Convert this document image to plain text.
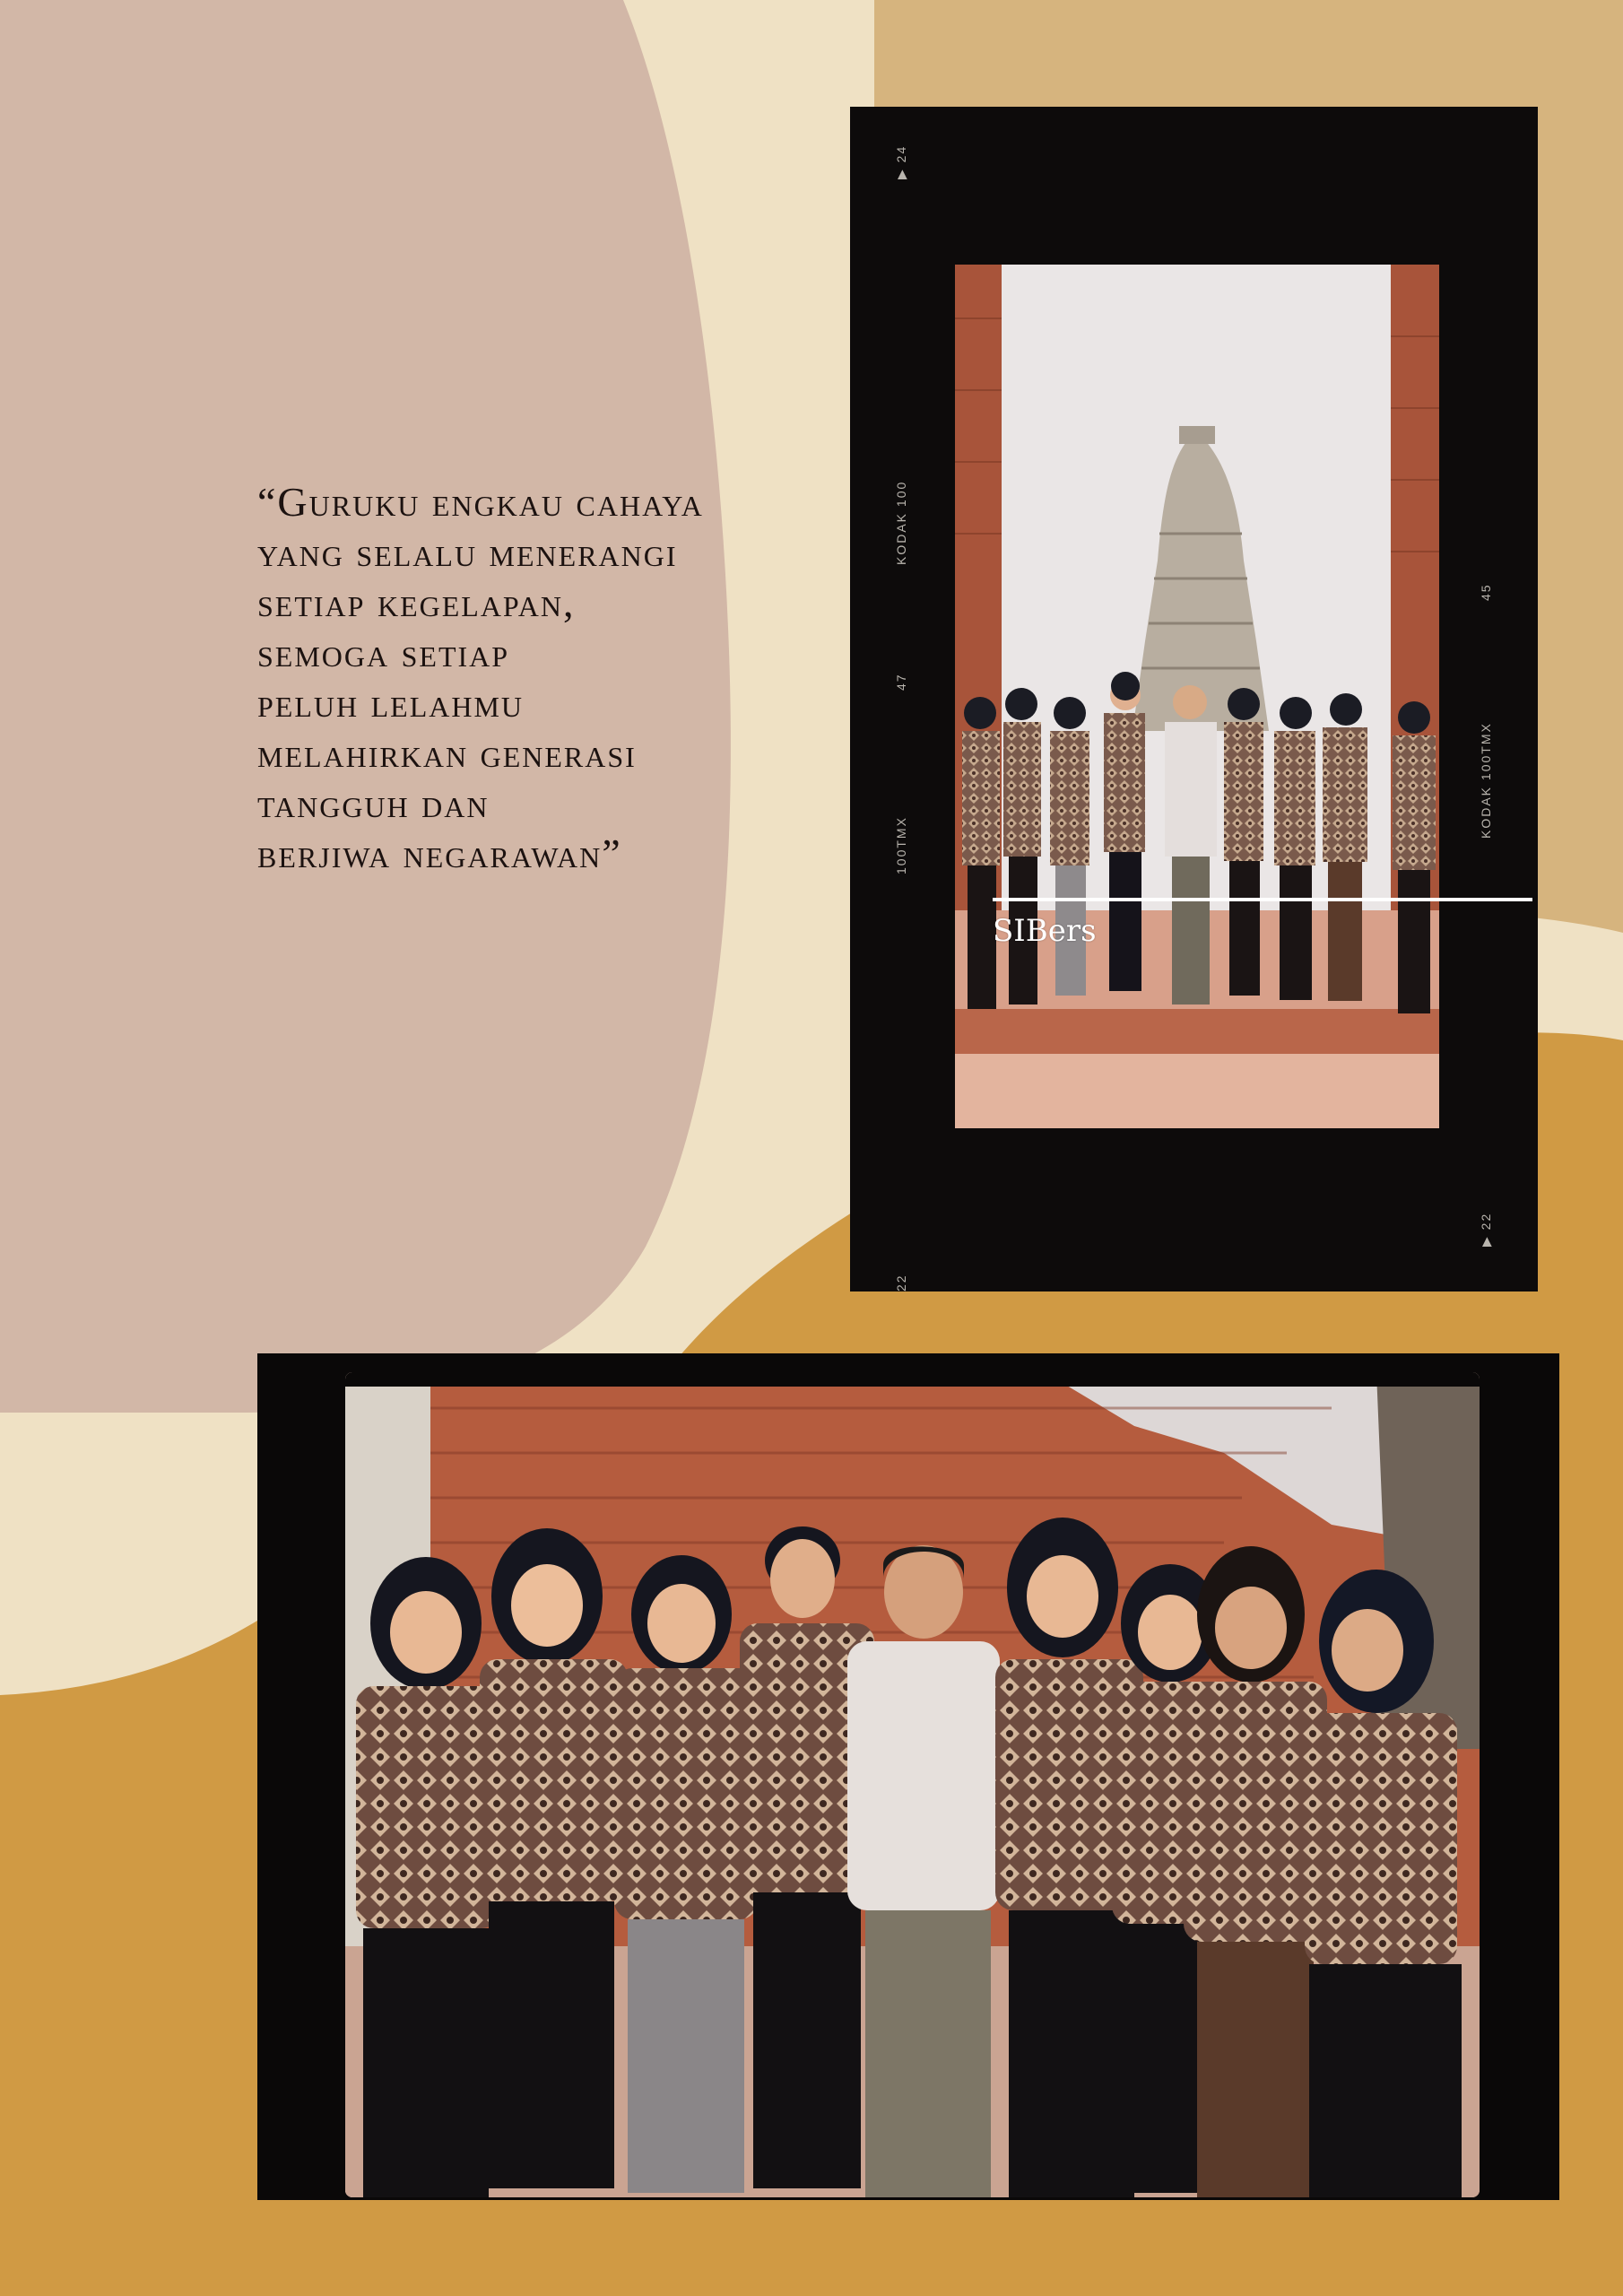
“Guruku engkau cahaya
yang selalu menerangi
setiap kegelapan,
semoga setiap
peluh lelahmu
melahirkan generasi
tangguh dan
berjiwa negarawan”

▶ 24
KODAK 100
47
100TMX
22
45
KODAK 100TMX
▶ 22

SIBers
